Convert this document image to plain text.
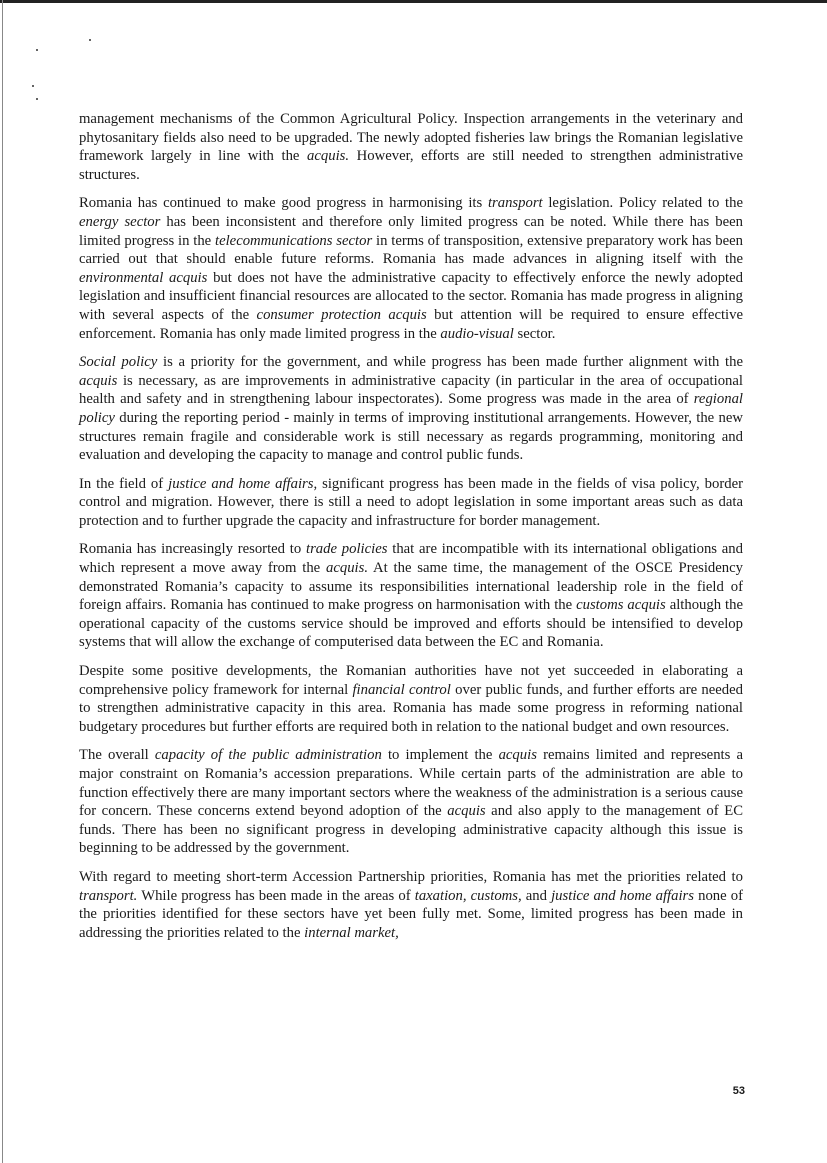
management mechanisms of the Common Agricultural Policy. Inspection arrangements in the veterinary and phytosanitary fields also need to be upgraded. The newly adopted fisheries law brings the Romanian legislative framework largely in line with the acquis. However, efforts are still needed to strengthen administrative structures.

Romania has continued to make good progress in harmonising its transport legislation. Policy related to the energy sector has been inconsistent and therefore only limited progress can be noted. While there has been limited progress in the telecommunications sector in terms of transposition, extensive preparatory work has been carried out that should enable future reforms. Romania has made advances in aligning itself with the environmental acquis but does not have the administrative capacity to effectively enforce the newly adopted legislation and insufficient financial resources are allocated to the sector. Romania has made progress in aligning with several aspects of the consumer protection acquis but attention will be required to ensure effective enforcement. Romania has only made limited progress in the audio-visual sector.

Social policy is a priority for the government, and while progress has been made further alignment with the acquis is necessary, as are improvements in administrative capacity (in particular in the area of occupational health and safety and in strengthening labour inspectorates). Some progress was made in the area of regional policy during the reporting period - mainly in terms of improving institutional arrangements. However, the new structures remain fragile and considerable work is still necessary as regards programming, monitoring and evaluation and developing the capacity to manage and control public funds.

In the field of justice and home affairs, significant progress has been made in the fields of visa policy, border control and migration. However, there is still a need to adopt legislation in some important areas such as data protection and to further upgrade the capacity and infrastructure for border management.

Romania has increasingly resorted to trade policies that are incompatible with its international obligations and which represent a move away from the acquis. At the same time, the management of the OSCE Presidency demonstrated Romania’s capacity to assume its responsibilities international leadership role in the field of foreign affairs. Romania has continued to make progress on harmonisation with the customs acquis although the operational capacity of the customs service should be improved and efforts should be intensified to develop systems that will allow the exchange of computerised data between the EC and Romania.

Despite some positive developments, the Romanian authorities have not yet succeeded in elaborating a comprehensive policy framework for internal financial control over public funds, and further efforts are needed to strengthen administrative capacity in this area. Romania has made some progress in reforming national budgetary procedures but further efforts are required both in relation to the national budget and own resources.

The overall capacity of the public administration to implement the acquis remains limited and represents a major constraint on Romania’s accession preparations. While certain parts of the administration are able to function effectively there are many important sectors where the weakness of the administration is a serious cause for concern. These concerns extend beyond adoption of the acquis and also apply to the management of EC funds. There has been no significant progress in developing administrative capacity although this issue is beginning to be addressed by the government.

With regard to meeting short-term Accession Partnership priorities, Romania has met the priorities related to transport. While progress has been made in the areas of taxation, customs, and justice and home affairs none of the priorities identified for these sectors have yet been fully met. Some, limited progress has been made in addressing the priorities related to the internal market,

53
